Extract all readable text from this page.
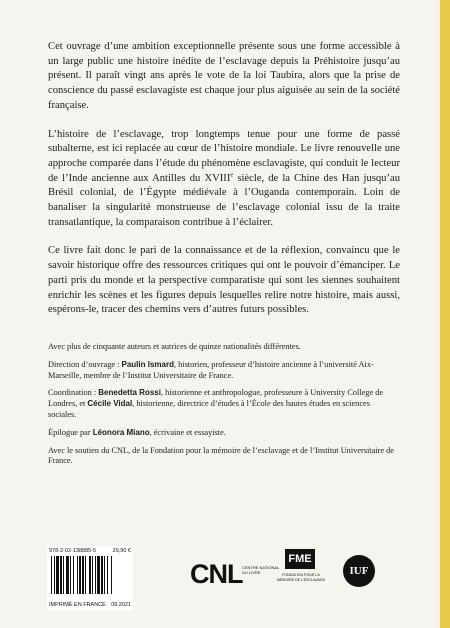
Cet ouvrage d’une ambition exceptionnelle présente sous une forme accessible à un large public une histoire inédite de l’esclavage depuis la Préhistoire jusqu’au présent. Il paraît vingt ans après le vote de la loi Taubira, alors que la prise de conscience du passé esclavagiste est chaque jour plus aiguisée au sein de la société française.

L’histoire de l’esclavage, trop longtemps tenue pour une forme de passé subalterne, est ici replacée au cœur de l’histoire mondiale. Le livre renouvelle une approche comparée dans l’étude du phénomène esclavagiste, qui conduit le lecteur de l’Inde ancienne aux Antilles du XVIIIe siècle, de la Chine des Han jusqu’au Brésil colonial, de l’Égypte médiévale à l’Ouganda contemporain. Loin de banaliser la singularité monstrueuse de l’esclavage colonial issu de la traite transatlantique, la comparaison contribue à l’éclairer.

Ce livre fait donc le pari de la connaissance et de la réflexion, convaincu que le savoir historique offre des ressources critiques qui ont le pouvoir d’émanciper. Le parti pris du monde et la perspective comparatiste qui sont les siennes souhaitent enrichir les scènes et les figures depuis lesquelles relire notre histoire, mais aussi, espérons-le, tracer des chemins vers d’autres futurs possibles.

Avec plus de cinquante auteurs et autrices de quinze nationalités différentes.

Direction d’ouvrage : Paulin Ismard, historien, professeur d’histoire ancienne à l’université Aix-Marseille, membre de l’Institut Universitaire de France.

Coordination : Benedetta Rossi, historienne et anthropologue, professeure à University College de Londres, et Cécile Vidal, historienne, directrice d’études à l’École des hautes études en sciences sociales.

Épilogue par Léonora Miano, écrivaine et essayiste.

Avec le soutien du CNL, de la Fondation pour la mémoire de l’esclavage et de l’Institut Universitaire de France.

978-2-02-138885-5	29,90 €
IMPRIMÉ EN FRANCE 09.2021
CNL CENTRE NATIONAL DU LIVRE
FME
FONDATION POUR LA MÉMOIRE DE L’ESCLAVAGE
IUF
